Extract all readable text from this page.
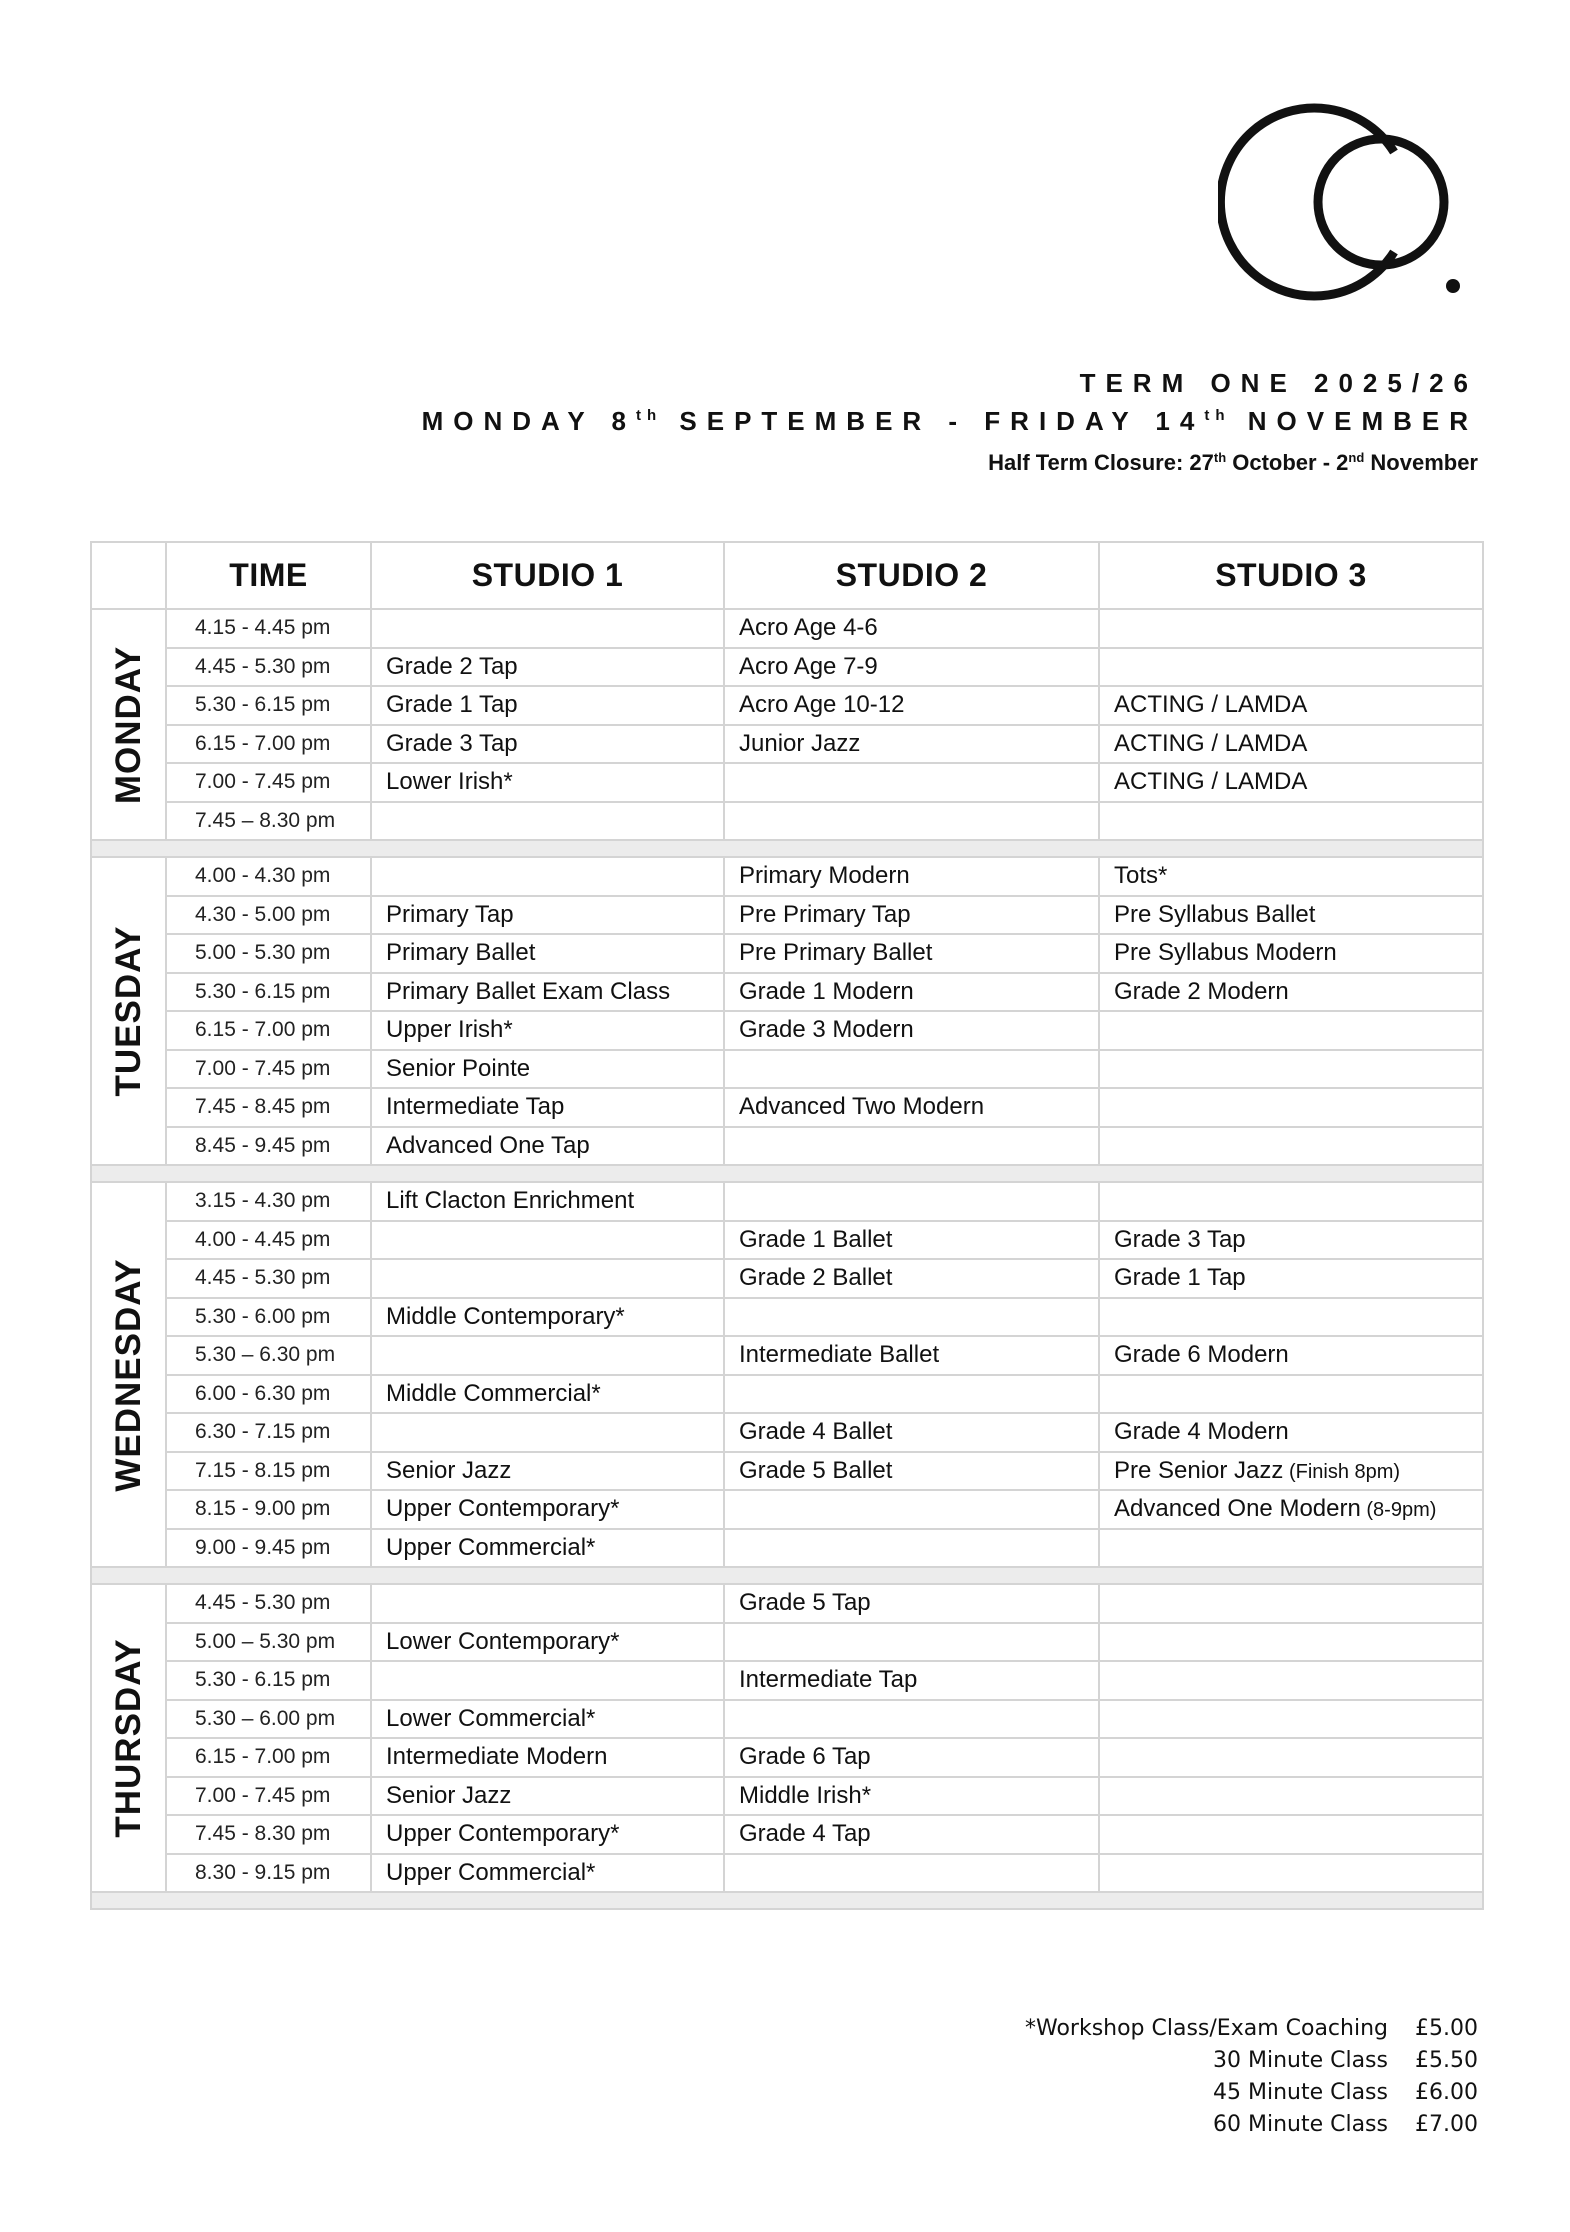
TERM ONE 2025/26
MONDAY 8th SEPTEMBER - FRIDAY 14th NOVEMBER
Half Term Closure: 27th October - 2nd November
	TIME	STUDIO 1	STUDIO 2	STUDIO 3

MONDAY	4.15 - 4.45 pm		Acro Age 4-6	
	4.45 - 5.30 pm	Grade 2 Tap	Acro Age 7-9	
	5.30 - 6.15 pm	Grade 1 Tap	Acro Age 10-12	ACTING / LAMDA
	6.15 - 7.00 pm	Grade 3 Tap	Junior Jazz	ACTING / LAMDA
	7.00 - 7.45 pm	Lower Irish*		ACTING / LAMDA
	7.45 – 8.30 pm			

TUESDAY	4.00 - 4.30 pm		Primary Modern	Tots*
	4.30 - 5.00 pm	Primary Tap	Pre Primary Tap	Pre Syllabus Ballet
	5.00 - 5.30 pm	Primary Ballet	Pre Primary Ballet	Pre Syllabus Modern
	5.30 - 6.15 pm	Primary Ballet Exam Class	Grade 1 Modern	Grade 2 Modern
	6.15 - 7.00 pm	Upper Irish*	Grade 3 Modern	
	7.00 - 7.45 pm	Senior Pointe		
	7.45 - 8.45 pm	Intermediate Tap	Advanced Two Modern	
	8.45 - 9.45 pm	Advanced One Tap		

WEDNESDAY	3.15 - 4.30 pm	Lift Clacton Enrichment		
	4.00 - 4.45 pm		Grade 1 Ballet	Grade 3 Tap
	4.45 - 5.30 pm		Grade 2 Ballet	Grade 1 Tap
	5.30 - 6.00 pm	Middle Contemporary*		
	5.30 – 6.30 pm		Intermediate Ballet	Grade 6 Modern
	6.00 - 6.30 pm	Middle Commercial*		
	6.30 - 7.15 pm		Grade 4 Ballet	Grade 4 Modern
	7.15 - 8.15 pm	Senior Jazz	Grade 5 Ballet	Pre Senior Jazz (Finish 8pm)
	8.15 - 9.00 pm	Upper Contemporary*		Advanced One Modern (8-9pm)
	9.00 - 9.45 pm	Upper Commercial*		

THURSDAY	4.45 - 5.30 pm		Grade 5 Tap	
	5.00 – 5.30 pm	Lower Contemporary*		
	5.30 - 6.15 pm		Intermediate Tap	
	5.30 – 6.00 pm	Lower Commercial*		
	6.15 - 7.00 pm	Intermediate Modern	Grade 6 Tap	
	7.00 - 7.45 pm	Senior Jazz	Middle Irish*	
	7.45 - 8.30 pm	Upper Contemporary*	Grade 4 Tap	
	8.30 - 9.15 pm	Upper Commercial*		

*Workshop Class/Exam Coaching	£5.00
30 Minute Class	£5.50
45 Minute Class	£6.00
60 Minute Class	£7.00
